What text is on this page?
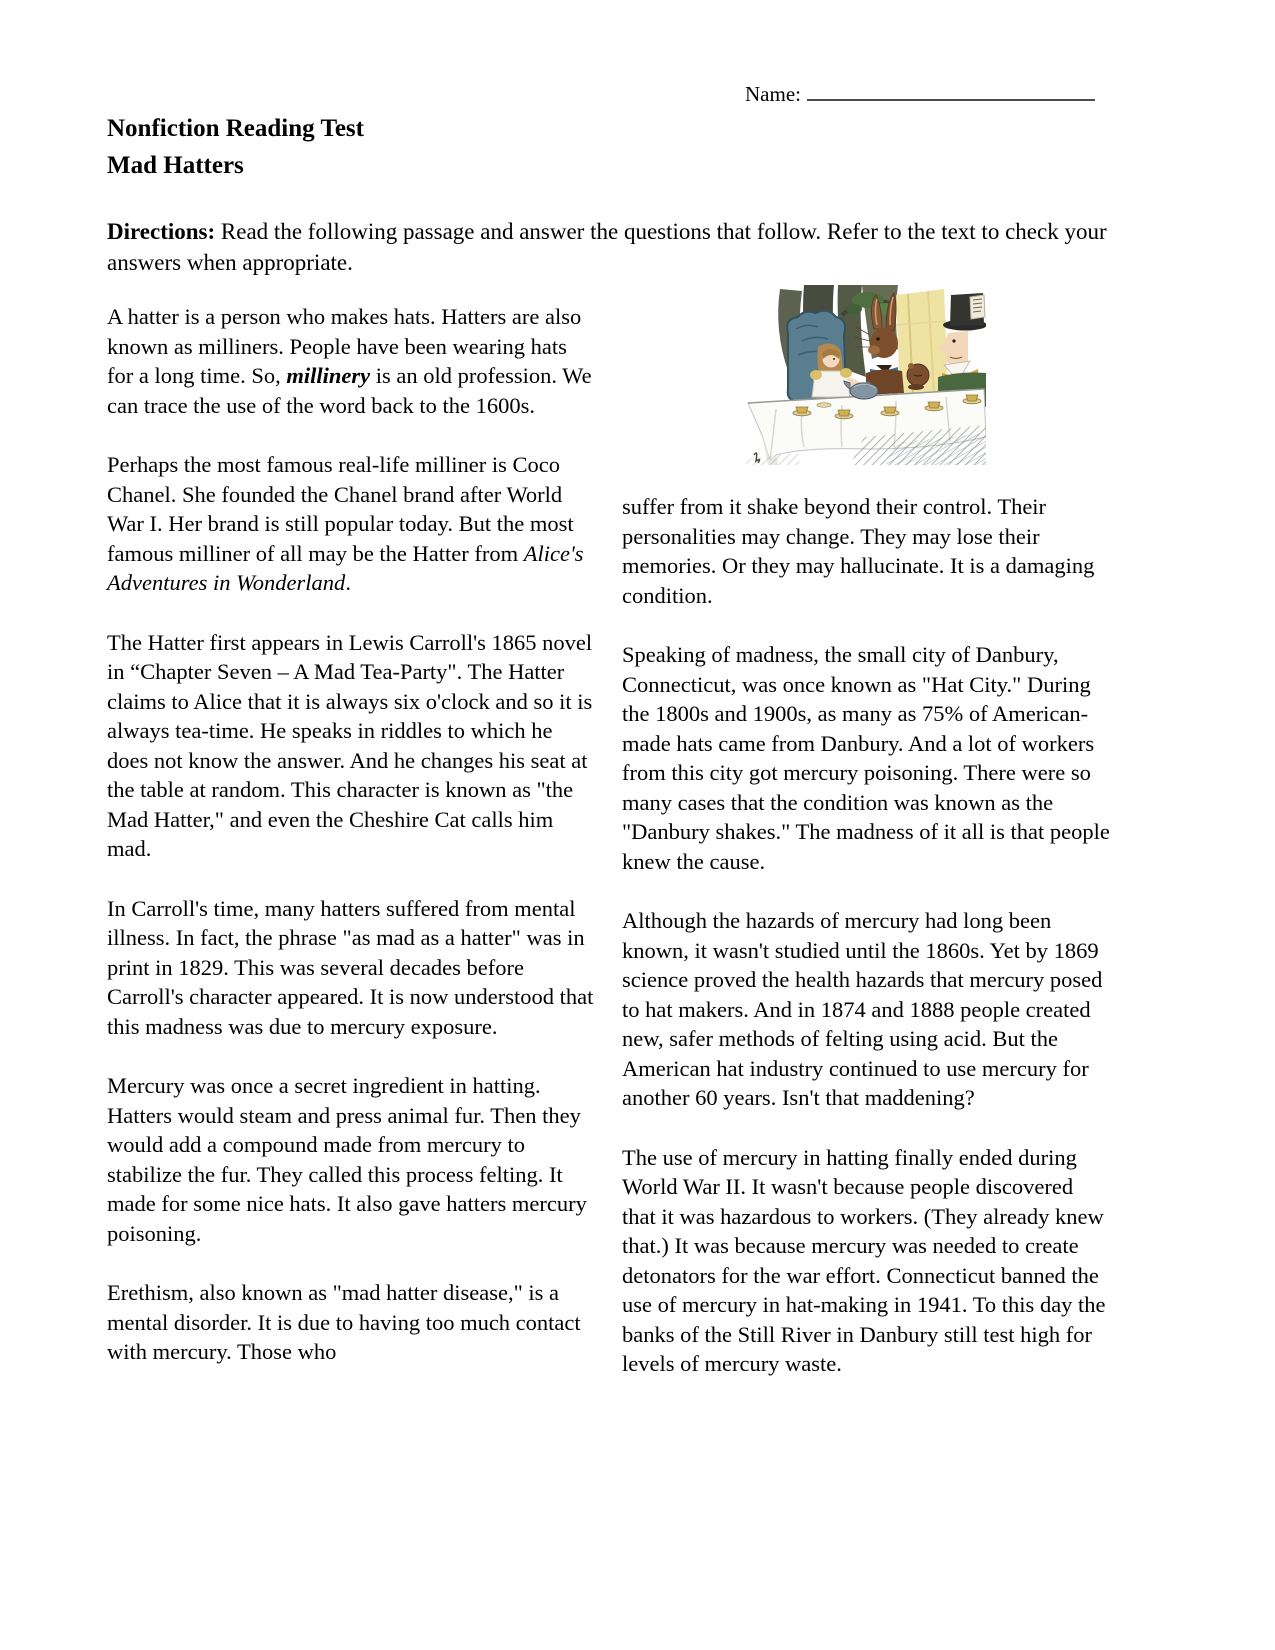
Name:
Nonfiction Reading Test
Mad Hatters
Directions: Read the following passage and answer the questions that follow. Refer to the text to check your answers when appropriate.

A hatter is a person who makes hats. Hatters are also known as milliners. People have been wearing hats for a long time. So, millinery is an old profession. We can trace the use of the word back to the 1600s.

Perhaps the most famous real-life milliner is Coco Chanel. She founded the Chanel brand after World War I. Her brand is still popular today. But the most famous milliner of all may be the Hatter from Alice's Adventures in Wonderland.

The Hatter first appears in Lewis Carroll's 1865 novel in “Chapter Seven – A Mad Tea-Party". The Hatter claims to Alice that it is always six o'clock and so it is always tea-time. He speaks in riddles to which he does not know the answer. And he changes his seat at the table at random. This character is known as "the Mad Hatter," and even the Cheshire Cat calls him mad.

In Carroll's time, many hatters suffered from mental illness. In fact, the phrase "as mad as a hatter" was in print in 1829. This was several decades before Carroll's character appeared. It is now understood that this madness was due to mercury exposure.

Mercury was once a secret ingredient in hatting. Hatters would steam and press animal fur. Then they would add a compound made from mercury to stabilize the fur. They called this process felting. It made for some nice hats. It also gave hatters mercury poisoning.

Erethism, also known as "mad hatter disease," is a mental disorder. It is due to having too much contact with mercury. Those who

suffer from it shake beyond their control. Their personalities may change. They may lose their memories. Or they may hallucinate. It is a damaging condition.

Speaking of madness, the small city of Danbury, Connecticut, was once known as "Hat City." During the 1800s and 1900s, as many as 75% of American-made hats came from Danbury. And a lot of workers from this city got mercury poisoning. There were so many cases that the condition was known as the "Danbury shakes." The madness of it all is that people knew the cause.

Although the hazards of mercury had long been known, it wasn't studied until the 1860s. Yet by 1869 science proved the health hazards that mercury posed to hat makers. And in 1874 and 1888 people created new, safer methods of felting using acid. But the American hat industry continued to use mercury for another 60 years. Isn't that maddening?

The use of mercury in hatting finally ended during World War II. It wasn't because people discovered that it was hazardous to workers. (They already knew that.) It was because mercury was needed to create detonators for the war effort. Connecticut banned the use of mercury in hat-making in 1941. To this day the banks of the Still River in Danbury still test high for levels of mercury waste.
